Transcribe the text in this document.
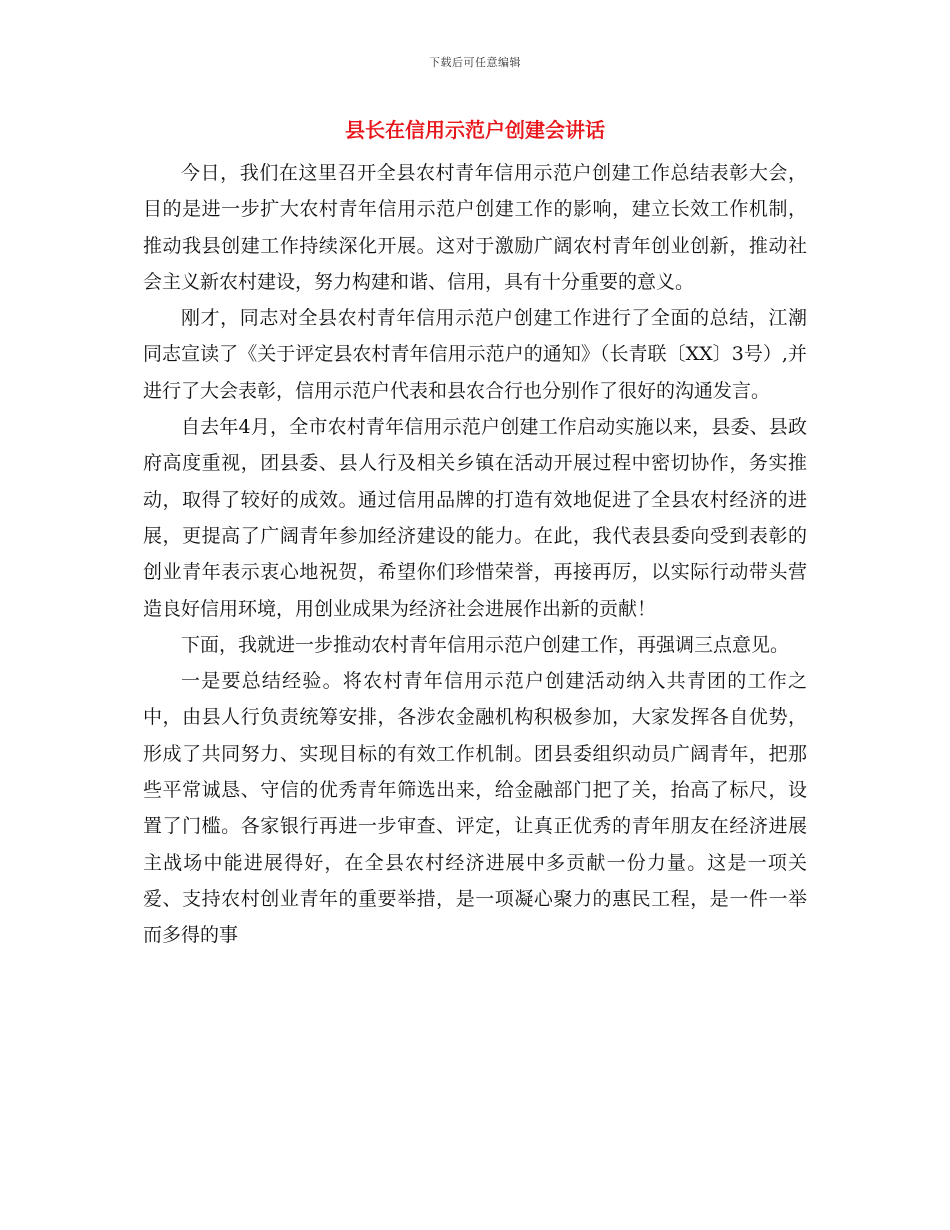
下载后可任意编辑
县长在信用示范户创建会讲话

今日，我们在这里召开全县农村青年信用示范户创建工作总结表彰大会，目的是进一步扩大农村青年信用示范户创建工作的影响，建立长效工作机制，推动我县创建工作持续深化开展。这对于激励广阔农村青年创业创新，推动社会主义新农村建设，努力构建和谐、信用，具有十分重要的意义。

刚才，同志对全县农村青年信用示范户创建工作进行了全面的总结，江潮同志宣读了《关于评定县农村青年信用示范户的通知》（长青联〔XX〕3号）,并进行了大会表彰，信用示范户代表和县农合行也分别作了很好的沟通发言。

自去年4月，全市农村青年信用示范户创建工作启动实施以来，县委、县政府高度重视，团县委、县人行及相关乡镇在活动开展过程中密切协作，务实推动，取得了较好的成效。通过信用品牌的打造有效地促进了全县农村经济的进展，更提高了广阔青年参加经济建设的能力。在此，我代表县委向受到表彰的创业青年表示衷心地祝贺，希望你们珍惜荣誉，再接再厉，以实际行动带头营造良好信用环境，用创业成果为经济社会进展作出新的贡献！

下面，我就进一步推动农村青年信用示范户创建工作，再强调三点意见。

一是要总结经验。将农村青年信用示范户创建活动纳入共青团的工作之中，由县人行负责统筹安排，各涉农金融机构积极参加，大家发挥各自优势，形成了共同努力、实现目标的有效工作机制。团县委组织动员广阔青年，把那些平常诚恳、守信的优秀青年筛选出来，给金融部门把了关，抬高了标尺，设置了门槛。各家银行再进一步审查、评定，让真正优秀的青年朋友在经济进展主战场中能进展得好，在全县农村经济进展中多贡献一份力量。这是一项关爱、支持农村创业青年的重要举措，是一项凝心聚力的惠民工程，是一件一举而多得的事
